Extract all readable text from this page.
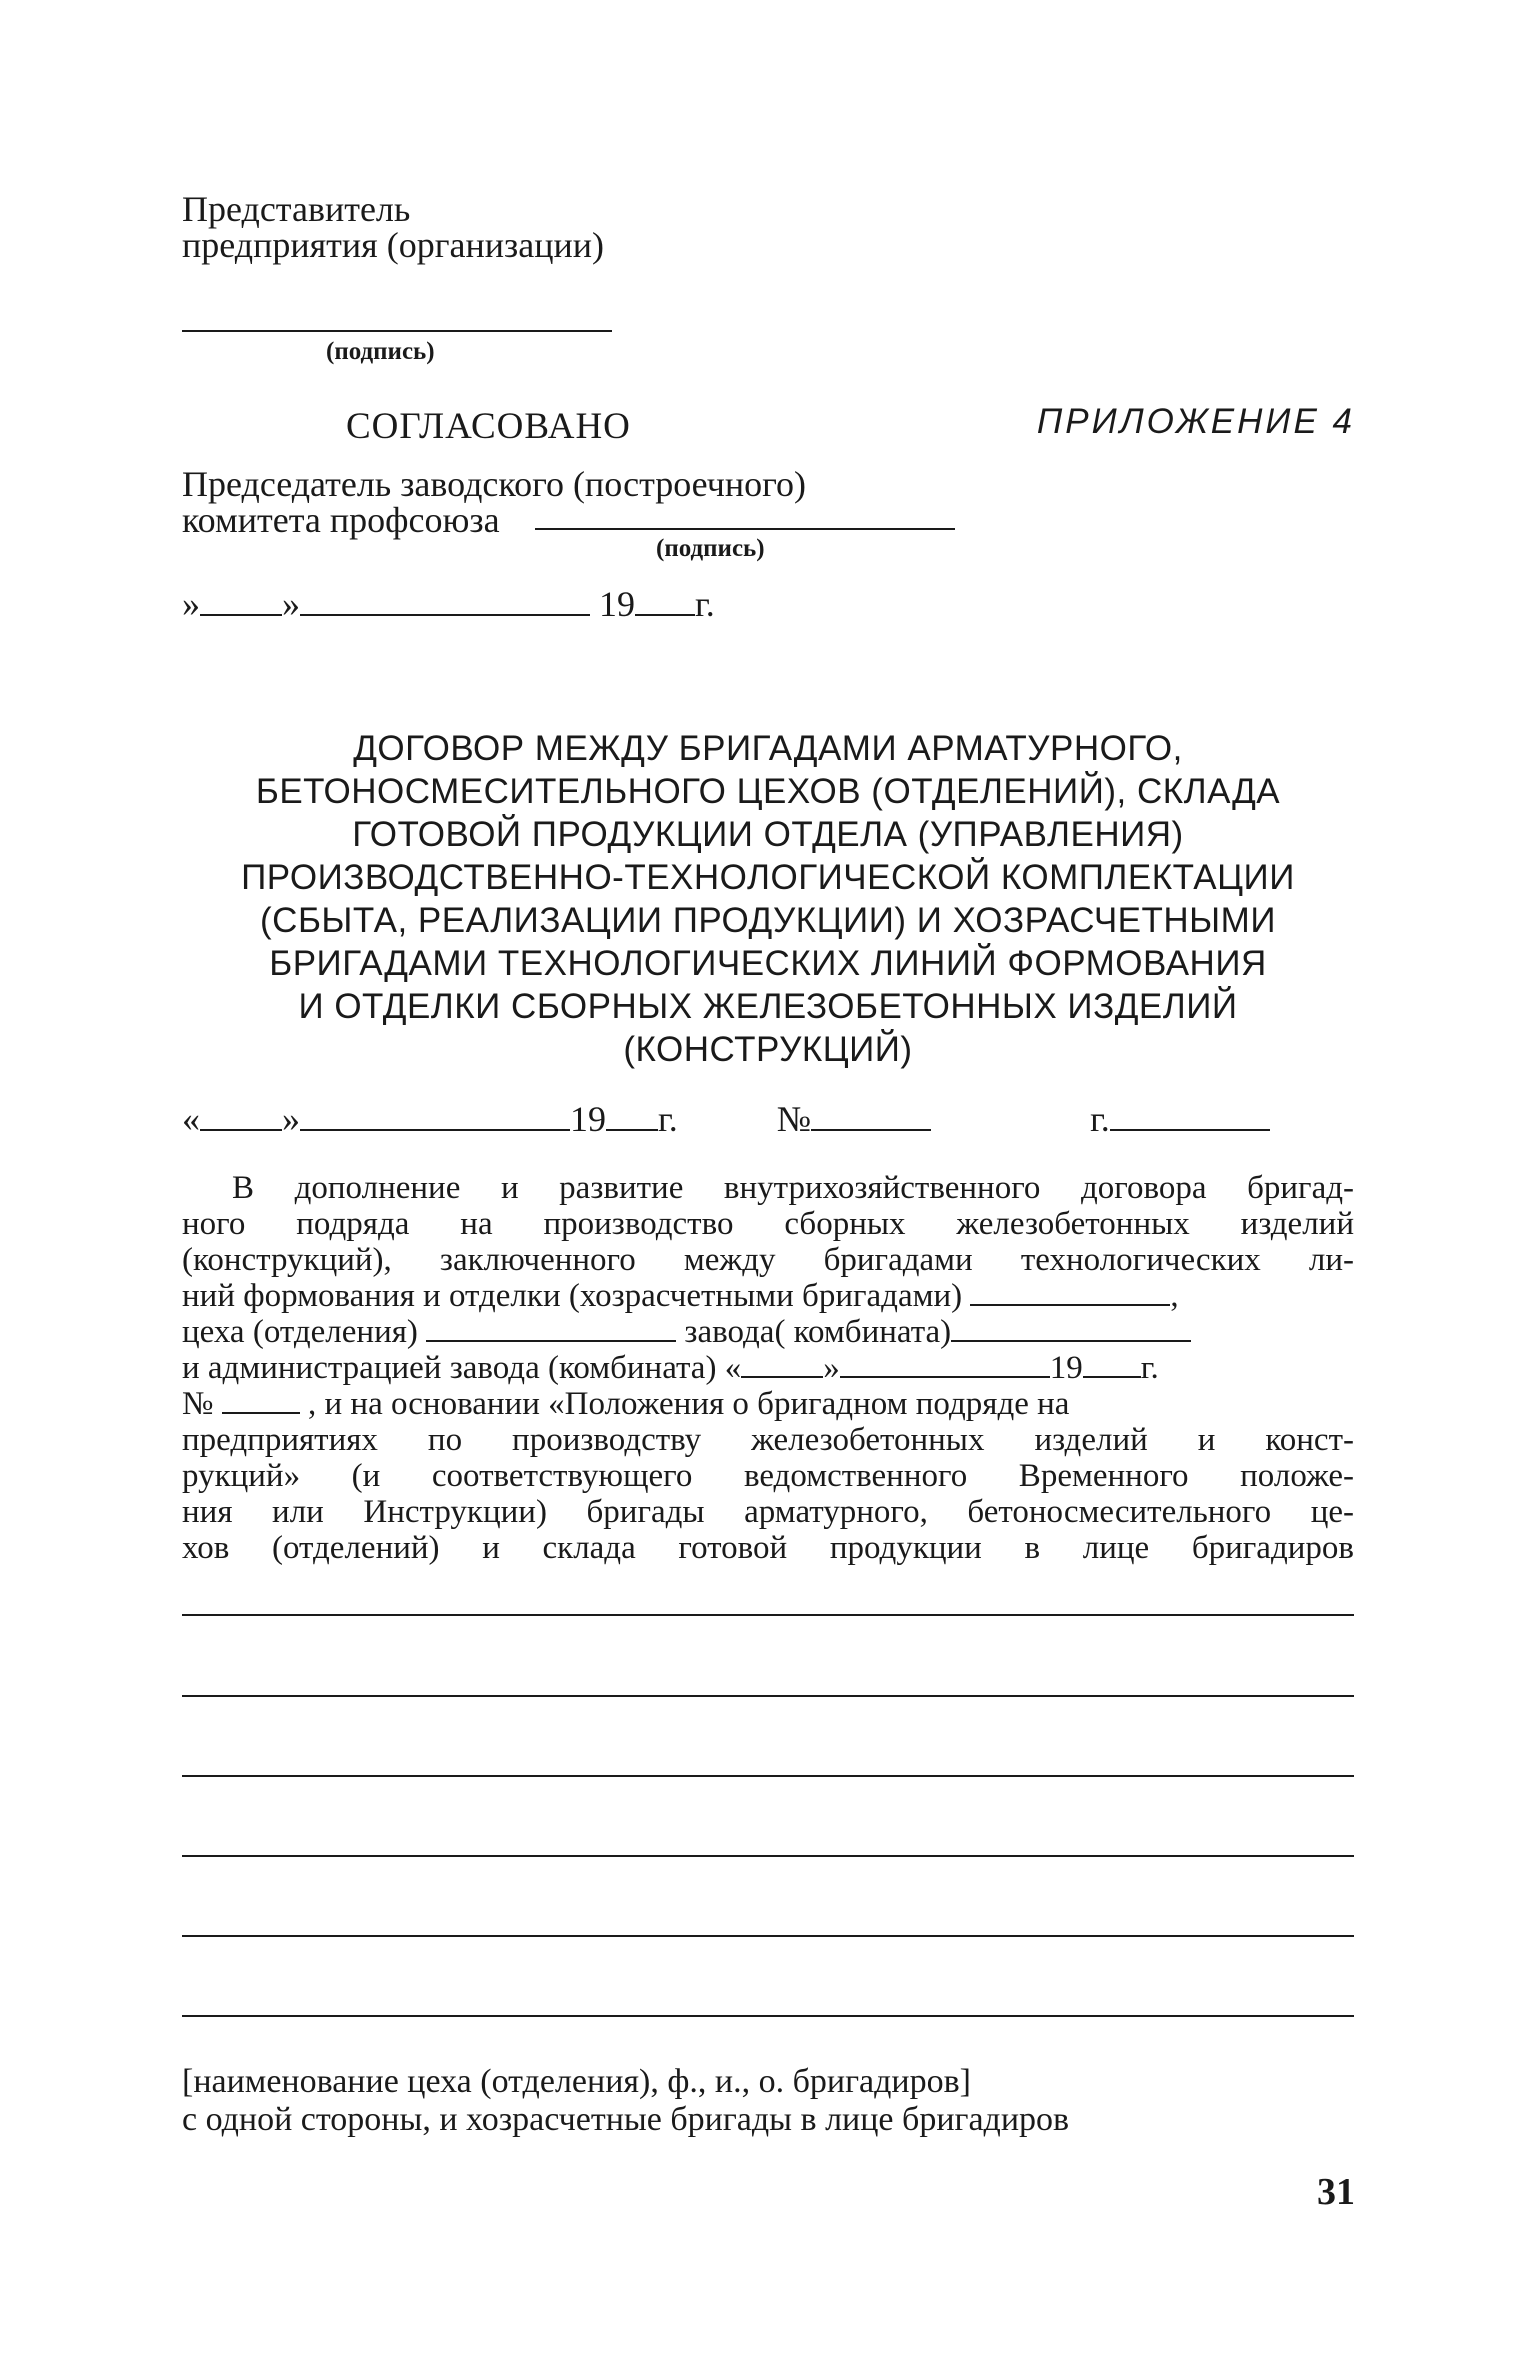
Представитель
предприятия (организации)
(подпись)
СОГЛАСОВАНО
Председатель заводского (построечного)
комитета профсоюза
(подпись)
» »	19 г.
ПРИЛОЖЕНИЕ 4
ДОГОВОР МЕЖДУ БРИГАДАМИ АРМАТУРНОГО,
БЕТОНОСМЕСИТЕЛЬНОГО ЦЕХОВ (ОТДЕЛЕНИЙ), СКЛАДА
ГОТОВОЙ ПРОДУКЦИИ ОТДЕЛА (УПРАВЛЕНИЯ)
ПРОИЗВОДСТВЕННО-ТЕХНОЛОГИЧЕСКОЙ КОМПЛЕКТАЦИИ
(СБЫТА, РЕАЛИЗАЦИИ ПРОДУКЦИИ) И ХОЗРАСЧЕТНЫМИ
БРИГАДАМИ ТЕХНОЛОГИЧЕСКИХ ЛИНИЙ ФОРМОВАНИЯ
И ОТДЕЛКИ СБОРНЫХ ЖЕЛЕЗОБЕТОННЫХ ИЗДЕЛИЙ
(КОНСТРУКЦИЙ)
« »	19 г.	№	г.
В дополнение и развитие внутрихозяйственного договора бригад-
ного подряда на производство сборных железобетонных изделий
(конструкций), заключенного между бригадами технологических ли-
ний формования и отделки (хозрасчетными бригадами)	,
цеха (отделения)	завода( комбината)
и администрацией завода (комбината) « »	19 г.
№	, и на основании «Положения о бригадном подряде на
предприятиях по производству железобетонных изделий и конст-
рукций» (и соответствующего ведомственного Временного положе-
ния или Инструкции) бригады арматурного, бетоносмесительного це-
хов (отделений) и склада готовой продукции в лице бригадиров
[наименование цеха (отделения), ф., и., о. бригадиров]
с одной стороны, и хозрасчетные бригады в лице бригадиров
31
